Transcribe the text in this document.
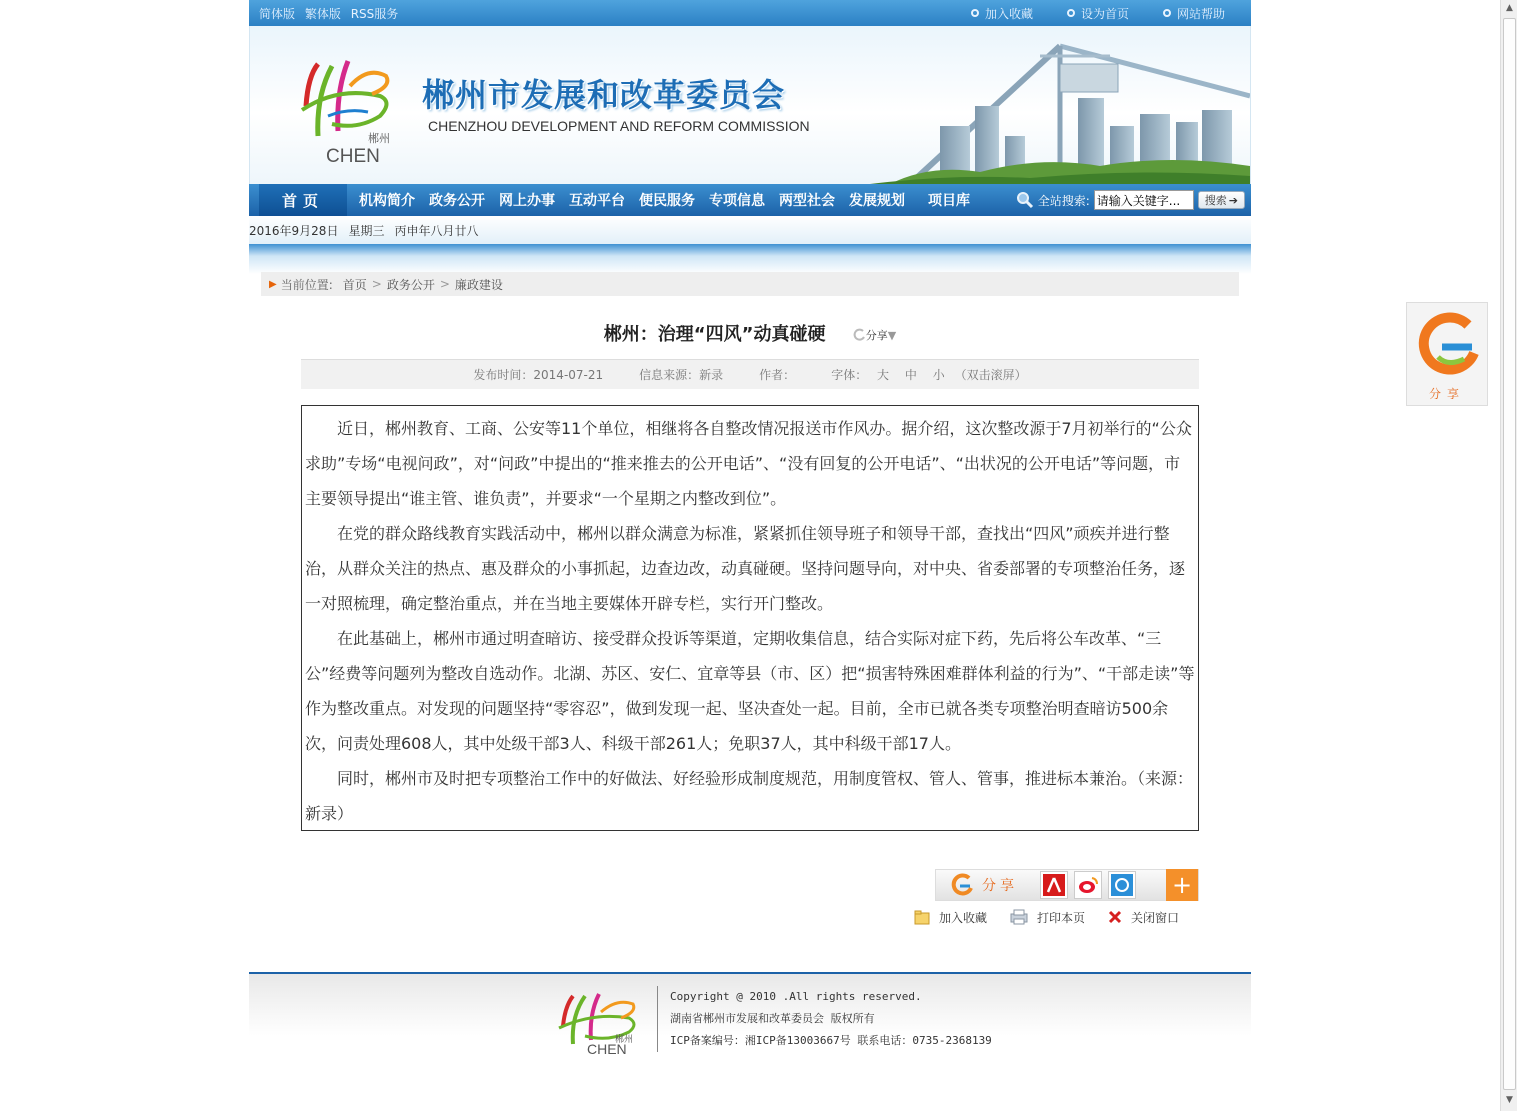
简体版 繁体版 RSS服务	加入收藏	设为首页	网站帮助
郴州
CHEN
郴州市发展和改革委员会
CHENZHOU DEVELOPMENT AND REFORM COMMISSION
首页	机构简介	政务公开	网上办事	互动平台	便民服务	专项信息	两型社会	发展规划	项目库	全站搜索:
请输入关键字...	搜索 ➔
2016年9月28日 星期三 丙申年八月廿八
▶ 当前位置: 首页 > 政务公开 > 廉政建设
郴州：治理“四风”动真碰硬	分享 ▼
发布时间：2014-07-21	信息来源：新录	作者：	字体： 大 中 小 （双击滚屏）

近日，郴州教育、工商、公安等11个单位，相继将各自整改情况报送市作风办。据介绍，这次整改源于7月初举行的“公众求助”专场“电视问政”，对“问政”中提出的“推来推去的公开电话”、“没有回复的公开电话”、“出状况的公开电话”等问题，市主要领导提出“谁主管、谁负责”，并要求“一个星期之内整改到位”。

在党的群众路线教育实践活动中，郴州以群众满意为标准，紧紧抓住领导班子和领导干部，查找出“四风”顽疾并进行整治，从群众关注的热点、惠及群众的小事抓起，边查边改，动真碰硬。坚持问题导向，对中央、省委部署的专项整治任务，逐一对照梳理，确定整治重点，并在当地主要媒体开辟专栏，实行开门整改。

在此基础上，郴州市通过明查暗访、接受群众投诉等渠道，定期收集信息，结合实际对症下药，先后将公车改革、“三公”经费等问题列为整改自选动作。北湖、苏区、安仁、宜章等县（市、区）把“损害特殊困难群体利益的行为”、“干部走读”等作为整改重点。对发现的问题坚持“零容忍”，做到发现一起、坚决查处一起。目前，全市已就各类专项整治明查暗访500余次，问责处理608人，其中处级干部3人、科级干部261人；免职37人，其中科级干部17人。

同时，郴州市及时把专项整治工作中的好做法、好经验形成制度规范，用制度管权、管人、管事，推进标本兼治。（来源：新录）

分享	+
加入收藏	打印本页	关闭窗口
郴州
CHEN
Copyright @ 2010 .All rights reserved.
湖南省郴州市发展和改革委员会 版权所有
ICP备案编号：湘ICP备13003667号 联系电话：0735-2368139
分享
▲
▼
